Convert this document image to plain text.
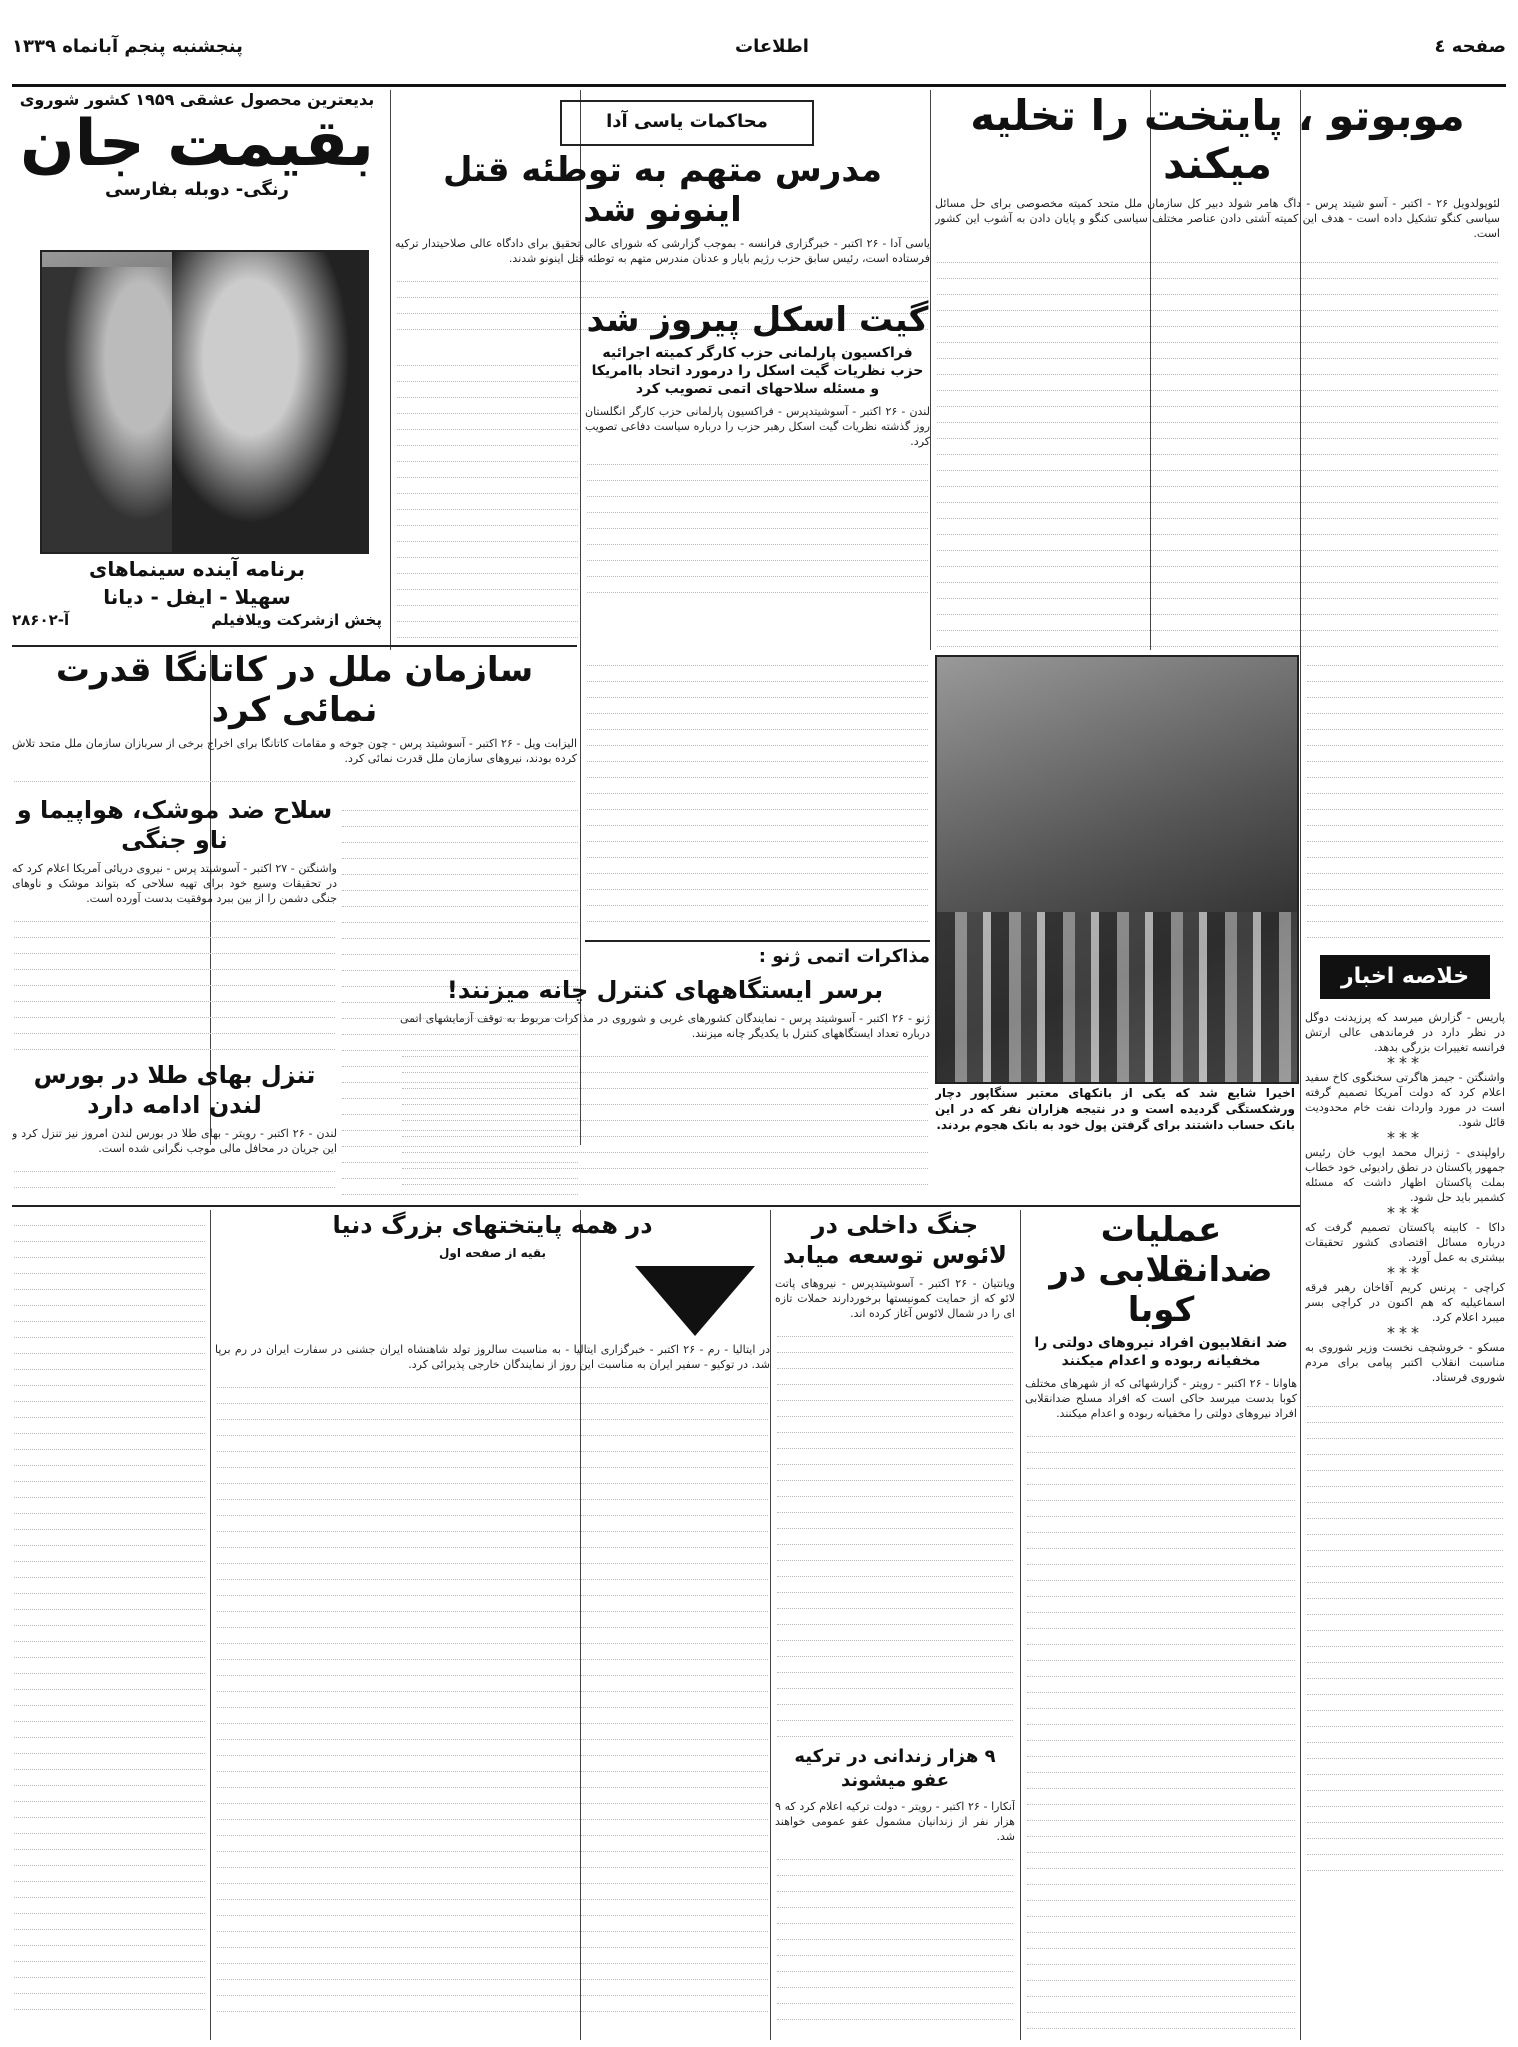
صفحه ٤
اطلاعات
پنجشنبه پنجم آبانماه ۱۳۳۹
موبوتو ، پایتخت را تخلیه میکند
لئوپولدویل ۲۶ - اکتبر - آسو شیتد پرس - داگ هامر شولد دبیر کل سازمان ملل متحد کمیته مخصوصی برای حل مسائل سیاسی کنگو تشکیل داده است - هدف این کمیته آشتی دادن عناصر مختلف سیاسی کنگو و پایان دادن به آشوب این کشور است.
خلاصه اخبار
پاریس - گزارش میرسد که پرزیدنت دوگل در نظر دارد در فرماندهی عالی ارتش فرانسه تغییرات بزرگی بدهد.
***
واشنگتن - جیمز هاگرتی سخنگوی کاخ سفید اعلام کرد که دولت آمریکا تصمیم گرفته است در مورد واردات نفت خام محدودیت قائل شود.
***
راولپندی - ژنرال محمد ایوب خان رئیس جمهور پاکستان در نطق رادیوئی خود خطاب بملت پاکستان اظهار داشت که مسئله کشمیر باید حل شود.
***
داکا - کابینه پاکستان تصمیم گرفت که درباره مسائل اقتصادی کشور تحقیقات بیشتری به عمل آورد.
***
کراچی - پرنس کریم آقاخان رهبر فرقه اسماعیلیه که هم اکنون در کراچی بسر میبرد اعلام کرد.
***
مسکو - خروشچف نخست وزیر شوروی به مناسبت انقلاب اکتبر پیامی برای مردم شوروی فرستاد.
محاکمات یاسی آدا
مدرس متهم به توطئه قتل اینونو شد
یاسی آدا - ۲۶ اکتبر - خبرگزاری فرانسه - بموجب گزارشی که شورای عالی تحقیق برای دادگاه عالی صلاحیتدار ترکیه فرستاده است، رئیس سابق حزب رژیم بایار و عدنان مندرس متهم به توطئه قتل اینونو شدند.
گیت اسکل پیروز شد
فراکسیون پارلمانی حزب کارگر کمیته اجرائیه حزب نظریات گیت اسکل را درمورد اتحاد باامریکا و مسئله سلاحهای اتمی تصویب کرد
لندن - ۲۶ اکتبر - آسوشیتدپرس - فراکسیون پارلمانی حزب کارگر انگلستان روز گذشته نظریات گیت اسکل رهبر حزب را درباره سیاست دفاعی تصویب کرد.
بدیعترین محصول عشقی ۱۹۵۹ کشور شوروی
بقیمت جان
رنگی- دوبله بفارسی
برنامه آینده سینماهای
سهیلا - ایفل - دیانا
پخش ازشرکت ویلافیلم
آ-۲۸۶۰۲
سازمان ملل در کاتانگا قدرت نمائی کرد
الیزابت ویل - ۲۶ اکتبر - آسوشیتد پرس - چون جوخه و مقامات کاتانگا برای اخراج برخی از سربازان سازمان ملل متحد تلاش کرده بودند، نیروهای سازمان ملل قدرت نمائی کرد.
سلاح ضد موشک، هواپیما و ناو جنگی
واشنگتن - ۲۷ اکتبر - آسوشیتد پرس - نیروی دریائی آمریکا اعلام کرد که در تحقیقات وسیع خود برای تهیه سلاحی که بتواند موشک و ناوهای جنگی دشمن را از بین ببرد موفقیت بدست آورده است.
تنزل بهای طلا در بورس لندن ادامه دارد
لندن - ۲۶ اکتبر - رویتر - بهای طلا در بورس لندن امروز نیز تنزل کرد و این جریان در محافل مالی موجب نگرانی شده است.
مذاکرات اتمی ژنو :
برسر ایستگاههای کنترل چانه میزنند!
ژنو - ۲۶ اکتبر - آسوشیتد پرس - نمایندگان کشورهای غربی و شوروی در مذاکرات مربوط به توقف آزمایشهای اتمی درباره تعداد ایستگاههای کنترل با یکدیگر چانه میزنند.
اخیرا شایع شد که یکی از بانکهای معتبر سنگاپور دچار ورشکستگی گردیده است و در نتیجه هزاران نفر که در این بانک حساب داشتند برای گرفتن پول خود به بانک هجوم بردند.
عملیات ضدانقلابی در کوبا
ضد انقلابیون افراد نیروهای دولتی را مخفیانه ربوده و اعدام میکنند
هاوانا - ۲۶ اکتبر - رویتر - گزارشهائی که از شهرهای مختلف کوبا بدست میرسد حاکی است که افراد مسلح ضدانقلابی افراد نیروهای دولتی را مخفیانه ربوده و اعدام میکنند.
جنگ داخلی در لائوس توسعه میابد
ویانتیان - ۲۶ اکتبر - آسوشیتدپرس - نیروهای پاتت لائو که از حمایت کمونیستها برخوردارند حملات تازه ای را در شمال لائوس آغاز کرده اند.
۹ هزار زندانی در ترکیه عفو میشوند
آنکارا - ۲۶ اکتبر - رویتر - دولت ترکیه اعلام کرد که ۹ هزار نفر از زندانیان مشمول عفو عمومی خواهند شد.
در همه پایتختهای بزرگ دنیا
بقیه از صفحه اول
در ایتالیا - رم - ۲۶ اکتبر - خبرگزاری ایتالیا - به مناسبت سالروز تولد شاهنشاه ایران جشنی در سفارت ایران در رم برپا شد. در توکیو - سفیر ایران به مناسبت این روز از نمایندگان خارجی پذیرائی کرد.
